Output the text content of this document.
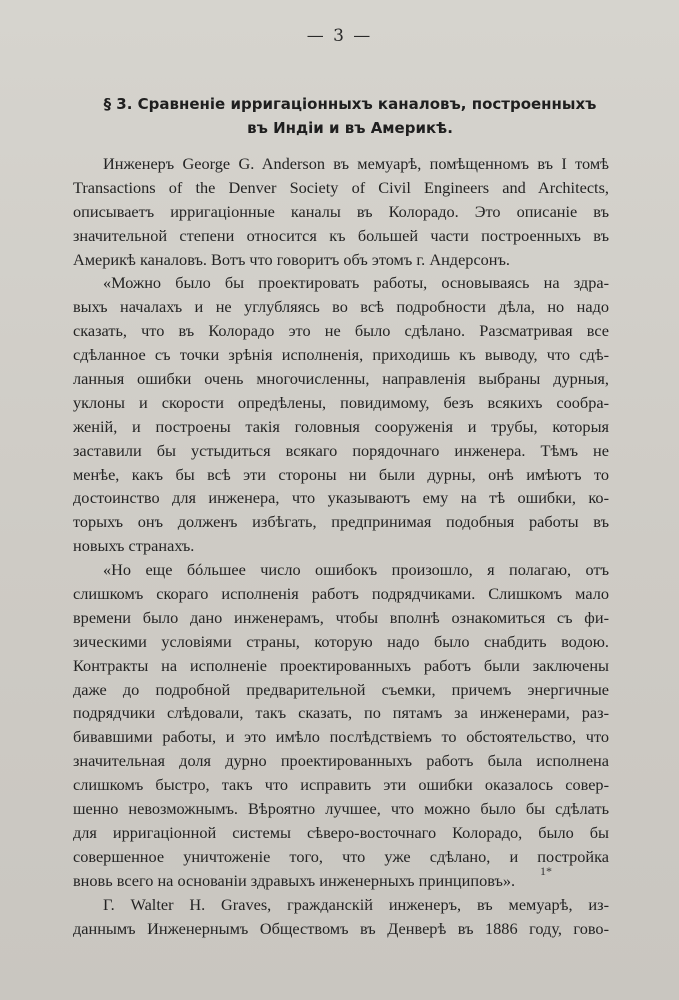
— 3 —
§ 3. Сравненіе ирригаціонныхъ каналовъ, построенныхъ
въ Индіи и въ Америкѣ.
Инженеръ George G. Anderson въ мемуарѣ, помѣщенномъ въ I томѣ
Transactions of the Denver Society of Civil Engineers and Architects,
описываетъ ирригаціонные каналы въ Колорадо. Это описаніе въ
значительной степени относится къ большей части построенныхъ въ
Америкѣ каналовъ. Вотъ что говоритъ объ этомъ г. Андерсонъ.
«Можно было бы проектировать работы, основываясь на здра-
выхъ началахъ и не углубляясь во всѣ подробности дѣла, но надо
сказать, что въ Колорадо это не было сдѣлано. Разсматривая все
сдѣланное съ точки зрѣнія исполненія, приходишь къ выводу, что сдѣ-
ланныя ошибки очень многочисленны, направленія выбраны дурныя,
уклоны и скорости опредѣлены, повидимому, безъ всякихъ сообра-
женій, и построены такія головныя сооруженія и трубы, которыя
заставили бы устыдиться всякаго порядочнаго инженера. Тѣмъ не
менѣе, какъ бы всѣ эти стороны ни были дурны, онѣ имѣютъ то
достоинство для инженера, что указываютъ ему на тѣ ошибки, ко-
торыхъ онъ долженъ избѣгать, предпринимая подобныя работы въ
новыхъ странахъ.
«Но еще бóльшее число ошибокъ произошло, я полагаю, отъ
слишкомъ скораго исполненія работъ подрядчиками. Слишкомъ мало
времени было дано инженерамъ, чтобы вполнѣ ознакомиться съ фи-
зическими условіями страны, которую надо было снабдить водою.
Контракты на исполненіе проектированныхъ работъ были заключены
даже до подробной предварительной съемки, причемъ энергичные
подрядчики слѣдовали, такъ сказать, по пятамъ за инженерами, раз-
бивавшими работы, и это имѣло послѣдствіемъ то обстоятельство, что
значительная доля дурно проектированныхъ работъ была исполнена
слишкомъ быстро, такъ что исправить эти ошибки оказалось совер-
шенно невозможнымъ. Вѣроятно лучшее, что можно было бы сдѣлать
для ирригаціонной системы сѣверо-восточнаго Колорадо, было бы
совершенное уничтоженіе того, что уже сдѣлано, и постройка
вновь всего на основаніи здравыхъ инженерныхъ принциповъ».
Г. Walter H. Graves, гражданскій инженеръ, въ мемуарѣ, из-
даннымъ Инженернымъ Обществомъ въ Денверѣ въ 1886 году, гово-
1*
